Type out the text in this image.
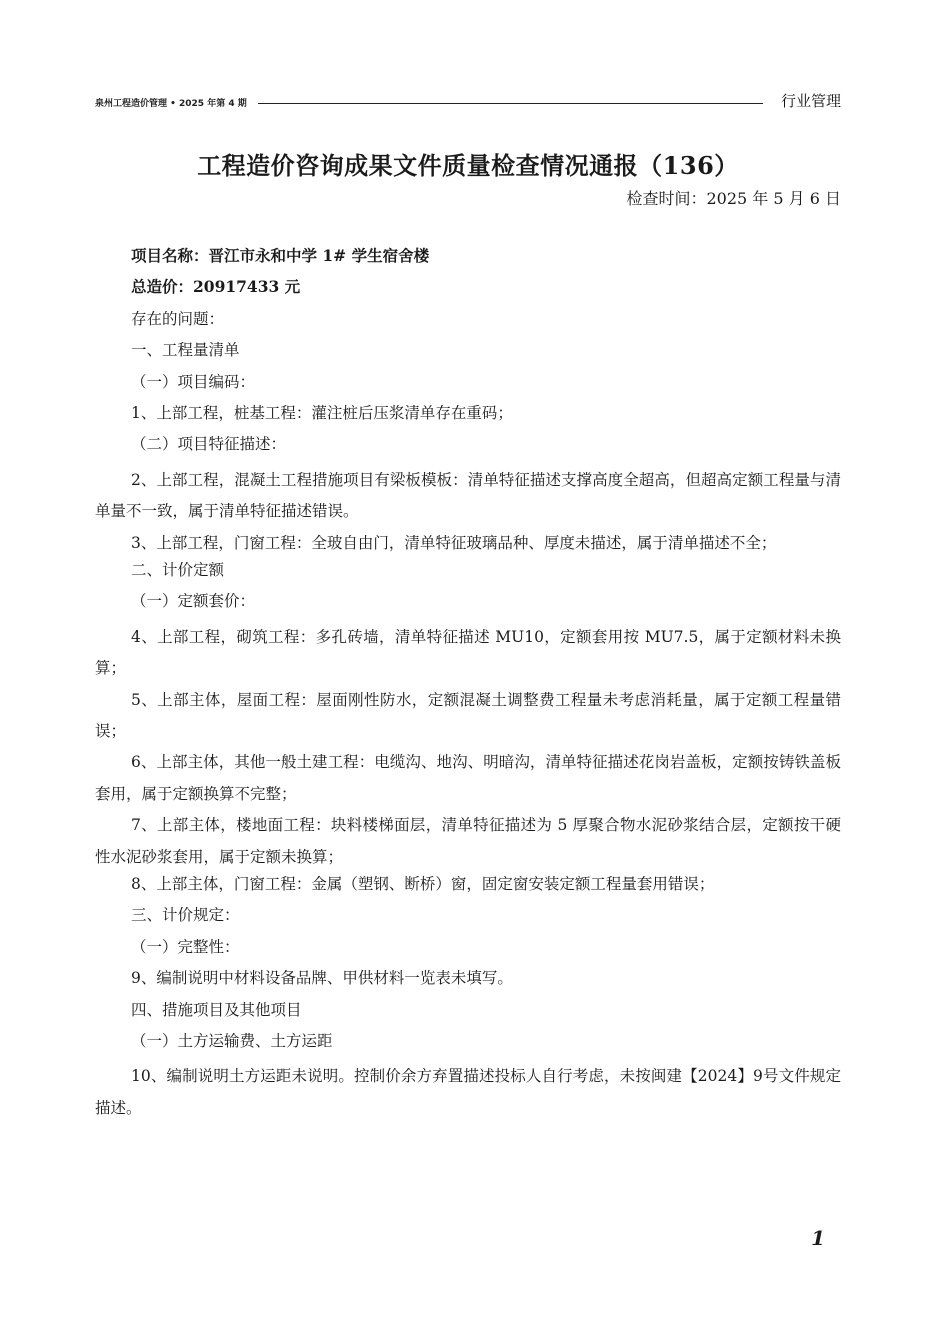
泉州工程造价管理 • 2025 年第 4 期	行业管理
工程造价咨询成果文件质量检查情况通报（136）
检查时间：2025 年 5 月 6 日
项目名称：晋江市永和中学 1# 学生宿舍楼
总造价：20917433 元
存在的问题：
一、工程量清单
（一）项目编码：
1、上部工程，桩基工程：灌注桩后压浆清单存在重码；
（二）项目特征描述：
2、上部工程，混凝土工程措施项目有梁板模板：清单特征描述支撑高度全超高，但超高定额工程量与清单量不一致，属于清单特征描述错误。
3、上部工程，门窗工程：全玻自由门，清单特征玻璃品种、厚度未描述，属于清单描述不全；
二、计价定额
（一）定额套价：
4、上部工程，砌筑工程：多孔砖墙，清单特征描述 MU10，定额套用按 MU7.5，属于定额材料未换算；
5、上部主体，屋面工程：屋面刚性防水，定额混凝土调整费工程量未考虑消耗量，属于定额工程量错误；
6、上部主体，其他一般土建工程：电缆沟、地沟、明暗沟，清单特征描述花岗岩盖板，定额按铸铁盖板套用，属于定额换算不完整；
7、上部主体，楼地面工程：块料楼梯面层，清单特征描述为 5 厚聚合物水泥砂浆结合层，定额按干硬性水泥砂浆套用，属于定额未换算；
8、上部主体，门窗工程：金属（塑钢、断桥）窗，固定窗安装定额工程量套用错误；
三、计价规定：
（一）完整性：
9、编制说明中材料设备品牌、甲供材料一览表未填写。
四、措施项目及其他项目
（一）土方运输费、土方运距
10、编制说明土方运距未说明。控制价余方弃置描述投标人自行考虑，未按闽建【2024】9号文件规定描述。
1
